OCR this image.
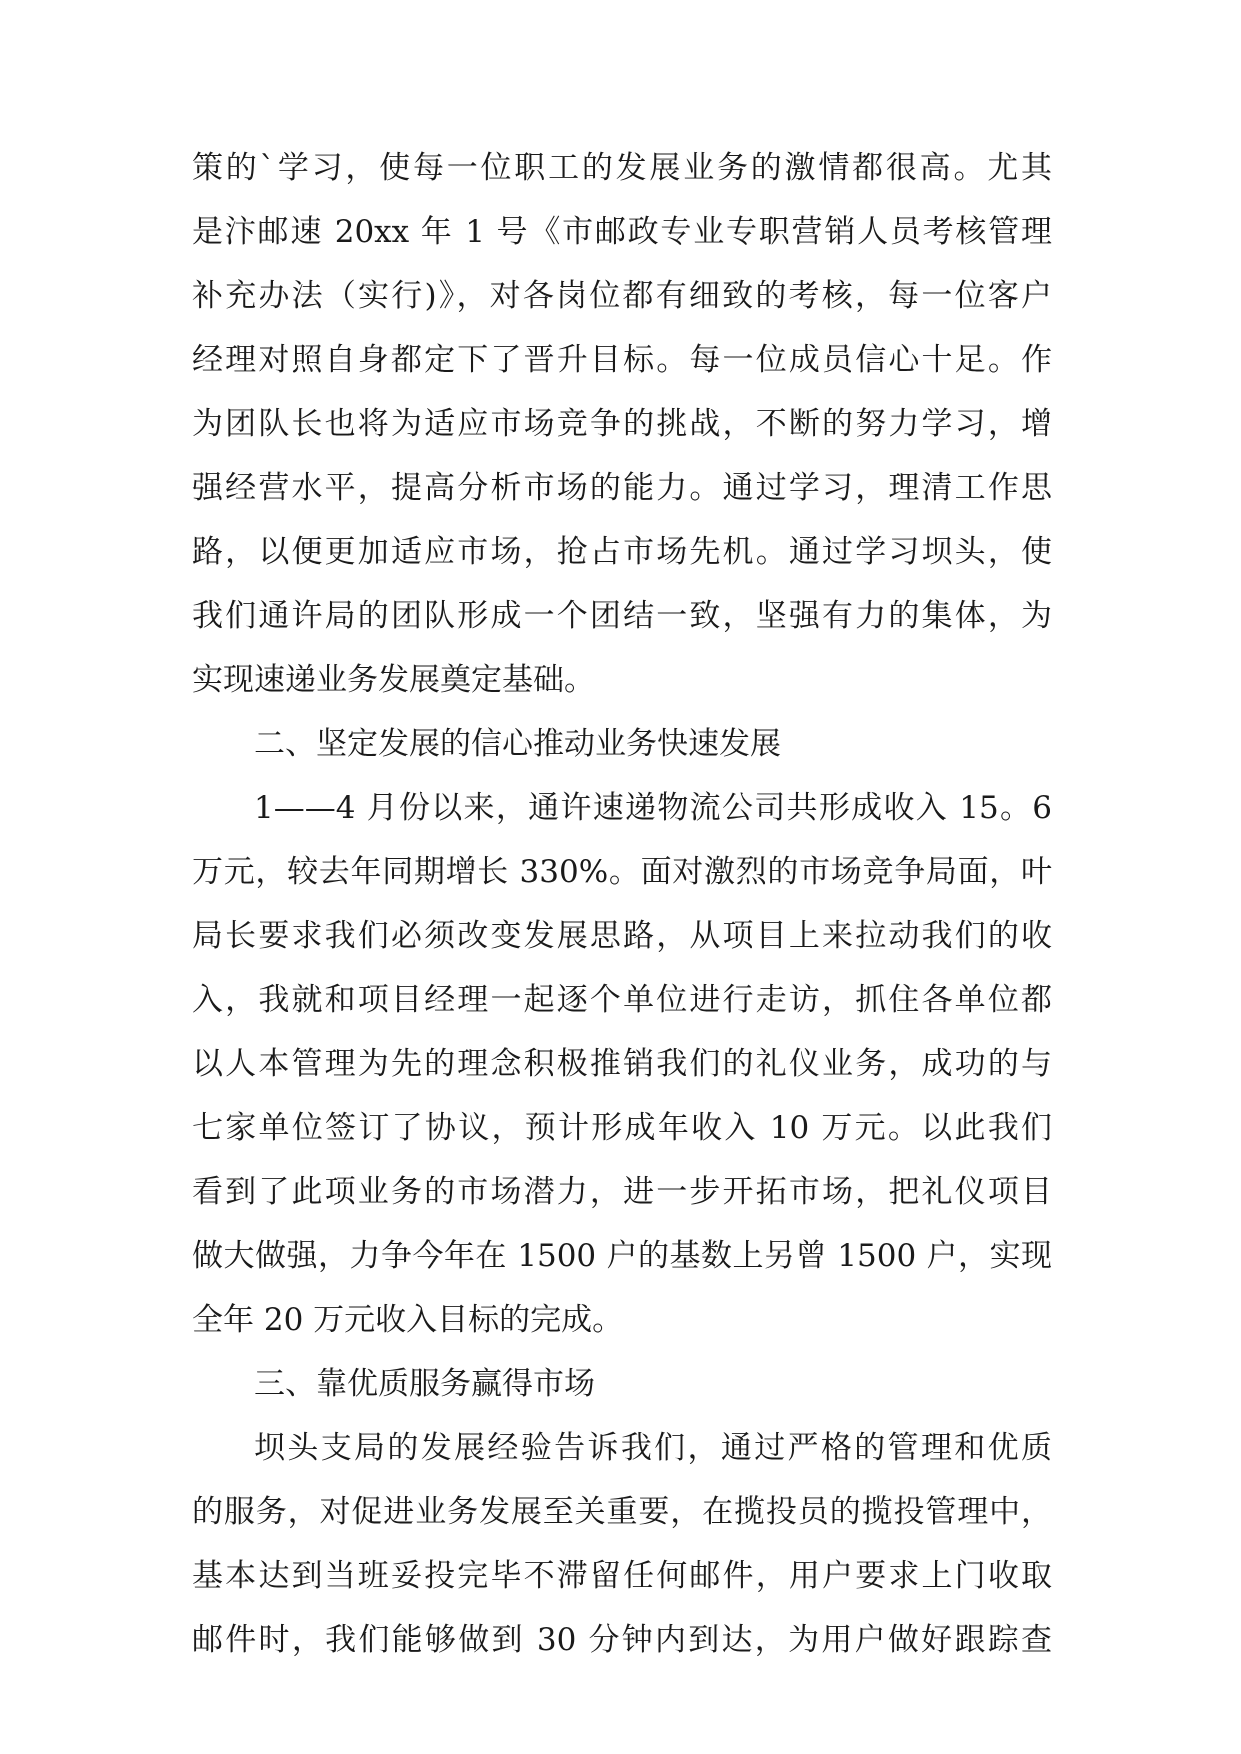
策的`学习，使每一位职工的发展业务的激情都很高。尤其
是汴邮速 20xx 年 1 号《市邮政专业专职营销人员考核管理
补充办法（实行)》，对各岗位都有细致的考核，每一位客户
经理对照自身都定下了晋升目标。每一位成员信心十足。作
为团队长也将为适应市场竞争的挑战，不断的努力学习，增
强经营水平，提高分析市场的能力。通过学习，理清工作思
路，以便更加适应市场，抢占市场先机。通过学习坝头，使
我们通许局的团队形成一个团结一致，坚强有力的集体，为
实现速递业务发展奠定基础。
二、坚定发展的信心推动业务快速发展
1——4 月份以来，通许速递物流公司共形成收入 15。6
万元，较去年同期增长 330%。面对激烈的市场竞争局面，叶
局长要求我们必须改变发展思路，从项目上来拉动我们的收
入，我就和项目经理一起逐个单位进行走访，抓住各单位都
以人本管理为先的理念积极推销我们的礼仪业务，成功的与
七家单位签订了协议，预计形成年收入 10 万元。以此我们
看到了此项业务的市场潜力，进一步开拓市场，把礼仪项目
做大做强，力争今年在 1500 户的基数上另曾 1500 户，实现
全年 20 万元收入目标的完成。
三、靠优质服务赢得市场
坝头支局的发展经验告诉我们，通过严格的管理和优质
的服务，对促进业务发展至关重要，在揽投员的揽投管理中，
基本达到当班妥投完毕不滞留任何邮件，用户要求上门收取
邮件时，我们能够做到 30 分钟内到达，为用户做好跟踪查
